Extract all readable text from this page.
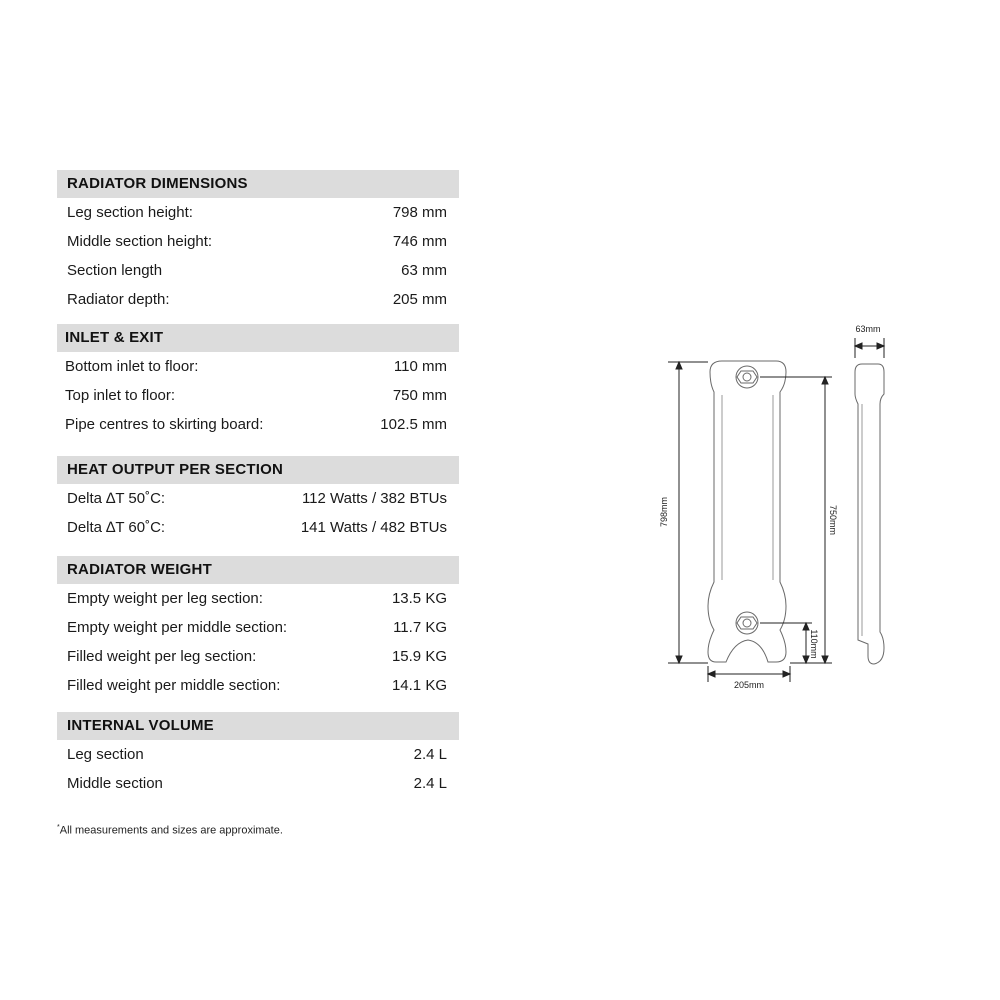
RADIATOR DIMENSIONS
Leg section height:	798 mm
Middle section height:	746 mm
Section length	63 mm
Radiator depth:	205 mm
INLET & EXIT
Bottom inlet to floor:	110 mm
Top inlet to floor:	750 mm
Pipe centres to skirting board:	102.5 mm
HEAT OUTPUT PER SECTION
Delta ∆T 50˚C:	112 Watts / 382 BTUs
Delta ∆T 60˚C:	141 Watts / 482 BTUs
RADIATOR WEIGHT
Empty weight per leg section:	13.5 KG
Empty weight per middle section:	11.7 KG
Filled weight per leg section:	15.9 KG
Filled weight per middle section:	14.1 KG
INTERNAL VOLUME
Leg section	2.4 L
Middle section	2.4 L
*All measurements and sizes are approximate.
798mm	750mm
110mm
205mm
63mm
